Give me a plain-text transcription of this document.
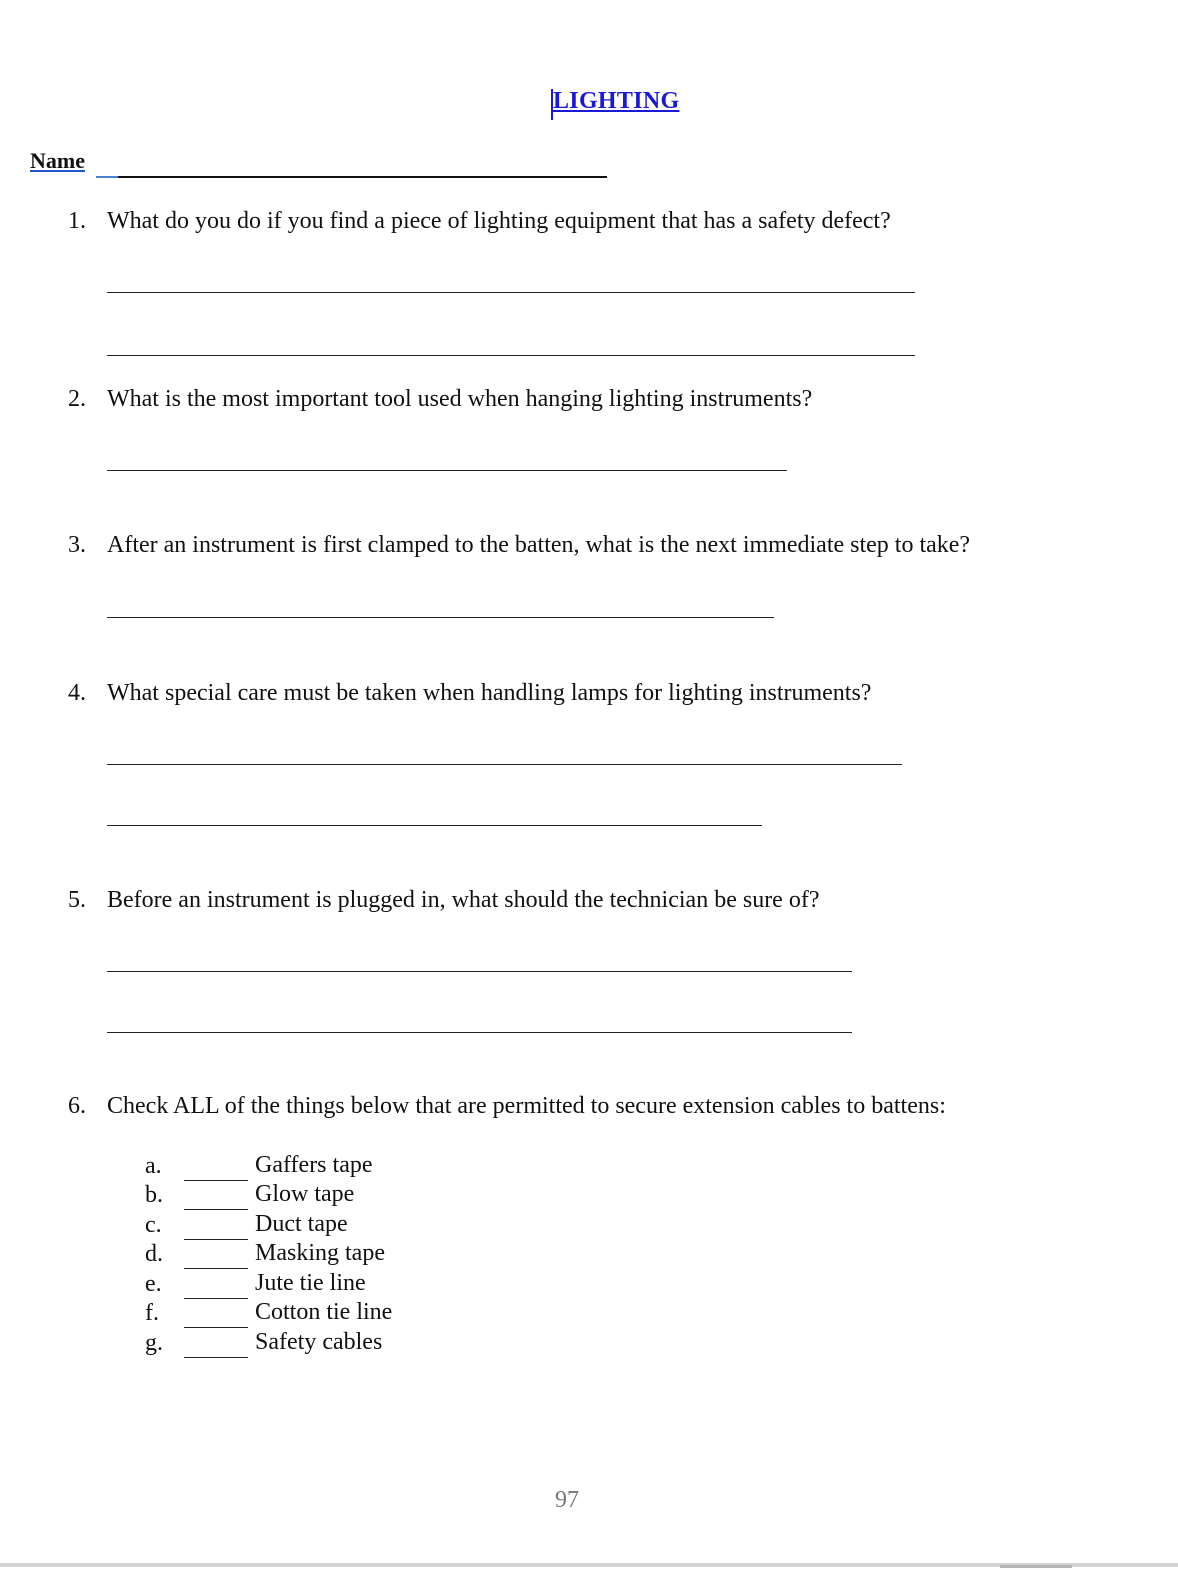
LIGHTING
Name
1. What do you do if you find a piece of lighting equipment that has a safety defect?
2. What is the most important tool used when hanging lighting instruments?
3. After an instrument is first clamped to the batten, what is the next immediate step to take?
4. What special care must be taken when handling lamps for lighting instruments?
5. Before an instrument is plugged in, what should the technician be sure of?
6. Check ALL of the things below that are permitted to secure extension cables to battens:
a.	Gaffers tape
b.	Glow tape
c.	Duct tape
d.	Masking tape
e.	Jute tie line
f.	Cotton tie line
g.	Safety cables
97
